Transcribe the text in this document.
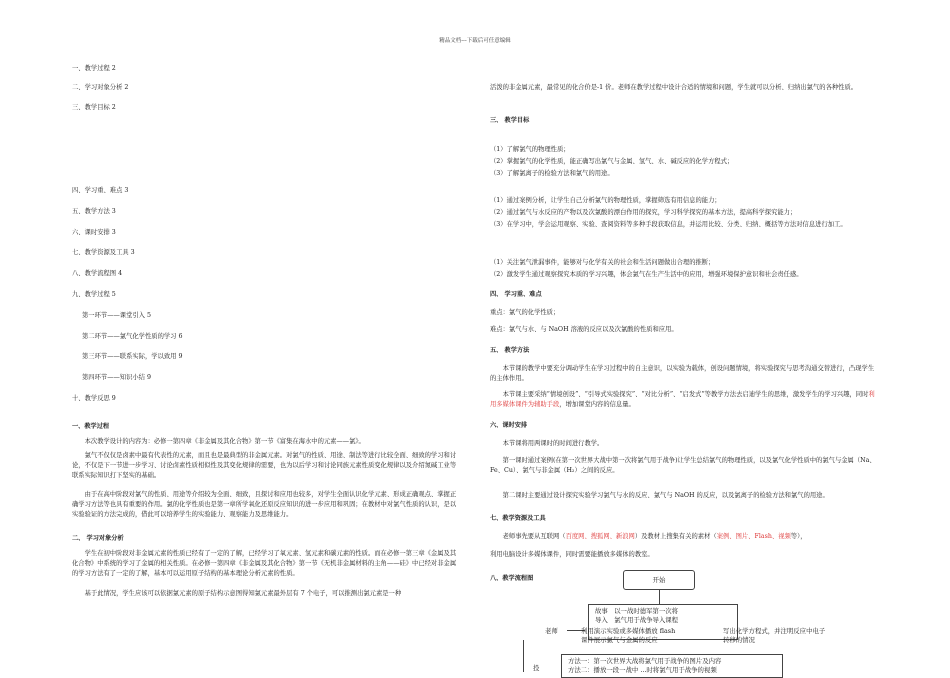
精品文档---下载后可任意编辑
一、教学过程 2
二、学习对象分析 2
三、教学目标 2
四、学习重、难点 3
五、教学方法 3
六、课时安排 3
七、教学资源及工具 3
八、教学流程图 4
九、教学过程 5
第一环节——课堂引入 5
第二环节——氯气化学性质的学习 6
第三环节——联系实际，学以致用 9
第四环节——知识小结 9
十、教学反思 9
一、教学过程
本次教学设计的内容为：必修一第四章《非金属及其化合物》第一节《富集在海水中的元素——氯》。
氯气不仅仅是卤素中最有代表性的元素，而且也是最典型的非金属元素。对氯气的性质、用途、制法等进行比较全面、细致的学习和讨论，不仅是下一节进一步学习、讨论卤素性质相似性及其变化规律的需要，也为以后学习和讨论同族元素性质变化规律以及介绍氮碱工业等联系实际知识打下坚实的基础。
由于在高中阶段对氯气的性质、用途等介绍较为全面、细致，且探讨和应用也较多，对学生全面认识化学元素、形成正确观点、掌握正确学习方法等也具有重要的作用。氯的化学性质也是第一章所学氧化还原反应知识的进一步应用和巩固；在教材中对氯气性质的认识，是以实验验证的方法完成的，借此可以培养学生的实验能力、观察能力及思维能力。
二、 学习对象分析
学生在初中阶段对非金属元素的性质已经有了一定的了解，已经学习了氧元素、氢元素和碳元素的性质。而在必修一第三章《金属及其化合物》中系统的学习了金属的相关性质。在必修一第四章《非金属及其化合物》第一节《无机非金属材料的主角——硅》中已经对非金属的学习方法有了一定的了解，基本可以运用原子结构的基本理论分析元素的性质。
基于此情况，学生应该可以依据氯元素的原子结构示意图得知氯元素最外层有 7 个电子，可以推测出氯元素是一种
活泼的非金属元素，最常见的化合价是-1 价。老师在教学过程中设计合适的情境和问题，学生就可以分析、归纳出氯气的各种性质。
三、 教学目标
（1）了解氯气的物理性质；
（2）掌握氯气的化学性质，能正确写出氯气与金属、氢气、水、碱反应的化学方程式；
（3）了解氯离子的检验方法和氯气的用途。
（1）通过案例分析，让学生自己分析氯气的物理性质，掌握筛选有用信息的能力；
（2）通过氯气与水反应的产物以及次氯酸的漂白作用的探究，学习科学探究的基本方法，提高科学探究能力；
（3）在学习中，学会运用观察、实验、查阅资料等多种手段获取信息，并运用比较、分类、归纳、概括等方法对信息进行加工。
（1）关注氯气泄漏事件，能够对与化学有关的社会和生活问题做出合理的推断；
（2）激发学生通过观察探究本质的学习兴趣，体会氯气在生产生活中的应用，增强环境保护意识和社会责任感。
四、 学习重、难点
重点：氯气的化学性质；
难点：氯气与水、与 NaOH 溶液的反应以及次氯酸的性质和应用。
五、 教学方法
本节课的教学中要充分调动学生在学习过程中的自主意识，以实验为载体，创设问题情境，将实验探究与思考沟通交替进行，凸现学生的主体作用。
本节课主要采纳“情境创设”、“引导式实验探究”、“对比分析”、“启发式”等教学方法去启迪学生的思维，激发学生的学习兴趣，同时利用多媒体课件为辅助手段，增加课堂内容的信息量。
六、课时安排
本节课将用两课时的时间进行教学。
第一课时通过案例(在第一次世界大战中第一次将氯气用于战争)让学生总结氯气的物理性质，以及氯气化学性质中的氯气与金属（Na、Fe、Cu）、氯气与非金属（H₂）之间的反应。
第二课时主要通过设计探究实验学习氯气与水的反应、氯气与 NaOH 的反应，以及氯离子的检验方法和氯气的用途。
七、教学资源及工具
老师事先要从互联网（百度网、搜狐网、新浪网）及教材上搜集有关的素材（案例、图片、Flash、视频等），
利用电脑设计多媒体课件，同时需要能播放多媒体的教室。
八、教学流程图	开始
故事　以一战时德军第一次将
导入　氯气用于战争导入课程
老师	利用演示实验或多媒体播放 flash
课件展示氯气与金属的反应
写出化学方程式，并注明反应中电子
转移的情况
投
方法一：第一次世界大战将氯气用于战争的图片及内容
方法二：播放一段一战中 ...时将氯气用于战争的视频
